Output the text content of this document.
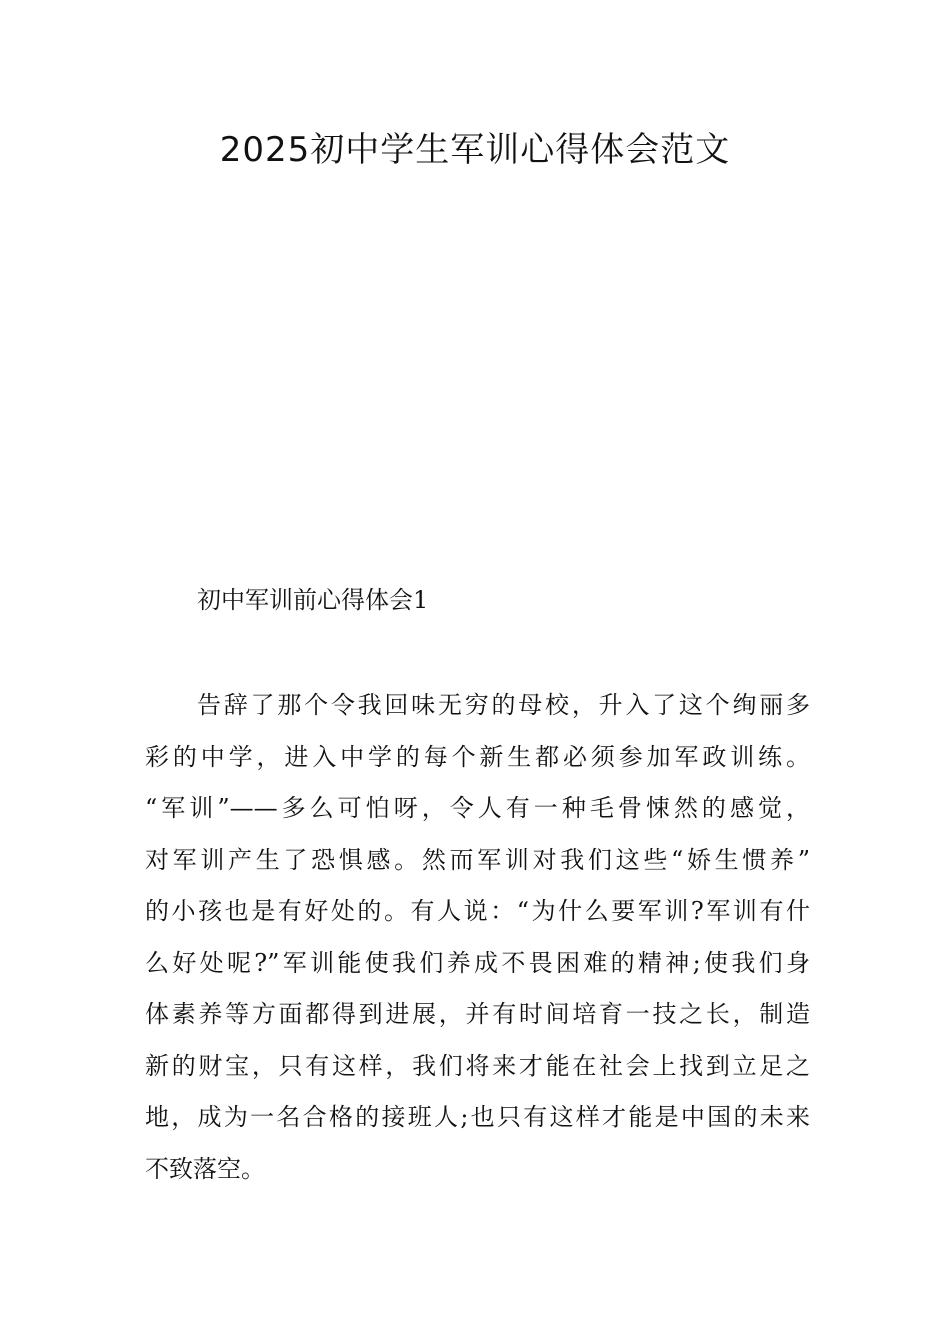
2025初中学生军训心得体会范文

初中军训前心得体会1

告辞了那个令我回味无穷的母校，升入了这个绚丽多
彩的中学，进入中学的每个新生都必须参加军政训练。
“军训”——多么可怕呀，令人有一种毛骨悚然的感觉，
对军训产生了恐惧感。然而军训对我们这些“娇生惯养”
的小孩也是有好处的。有人说：“为什么要军训?军训有什
么好处呢?”军训能使我们养成不畏困难的精神;使我们身
体素养等方面都得到进展，并有时间培育一技之长，制造
新的财宝，只有这样，我们将来才能在社会上找到立足之
地，成为一名合格的接班人;也只有这样才能是中国的未来
不致落空。
